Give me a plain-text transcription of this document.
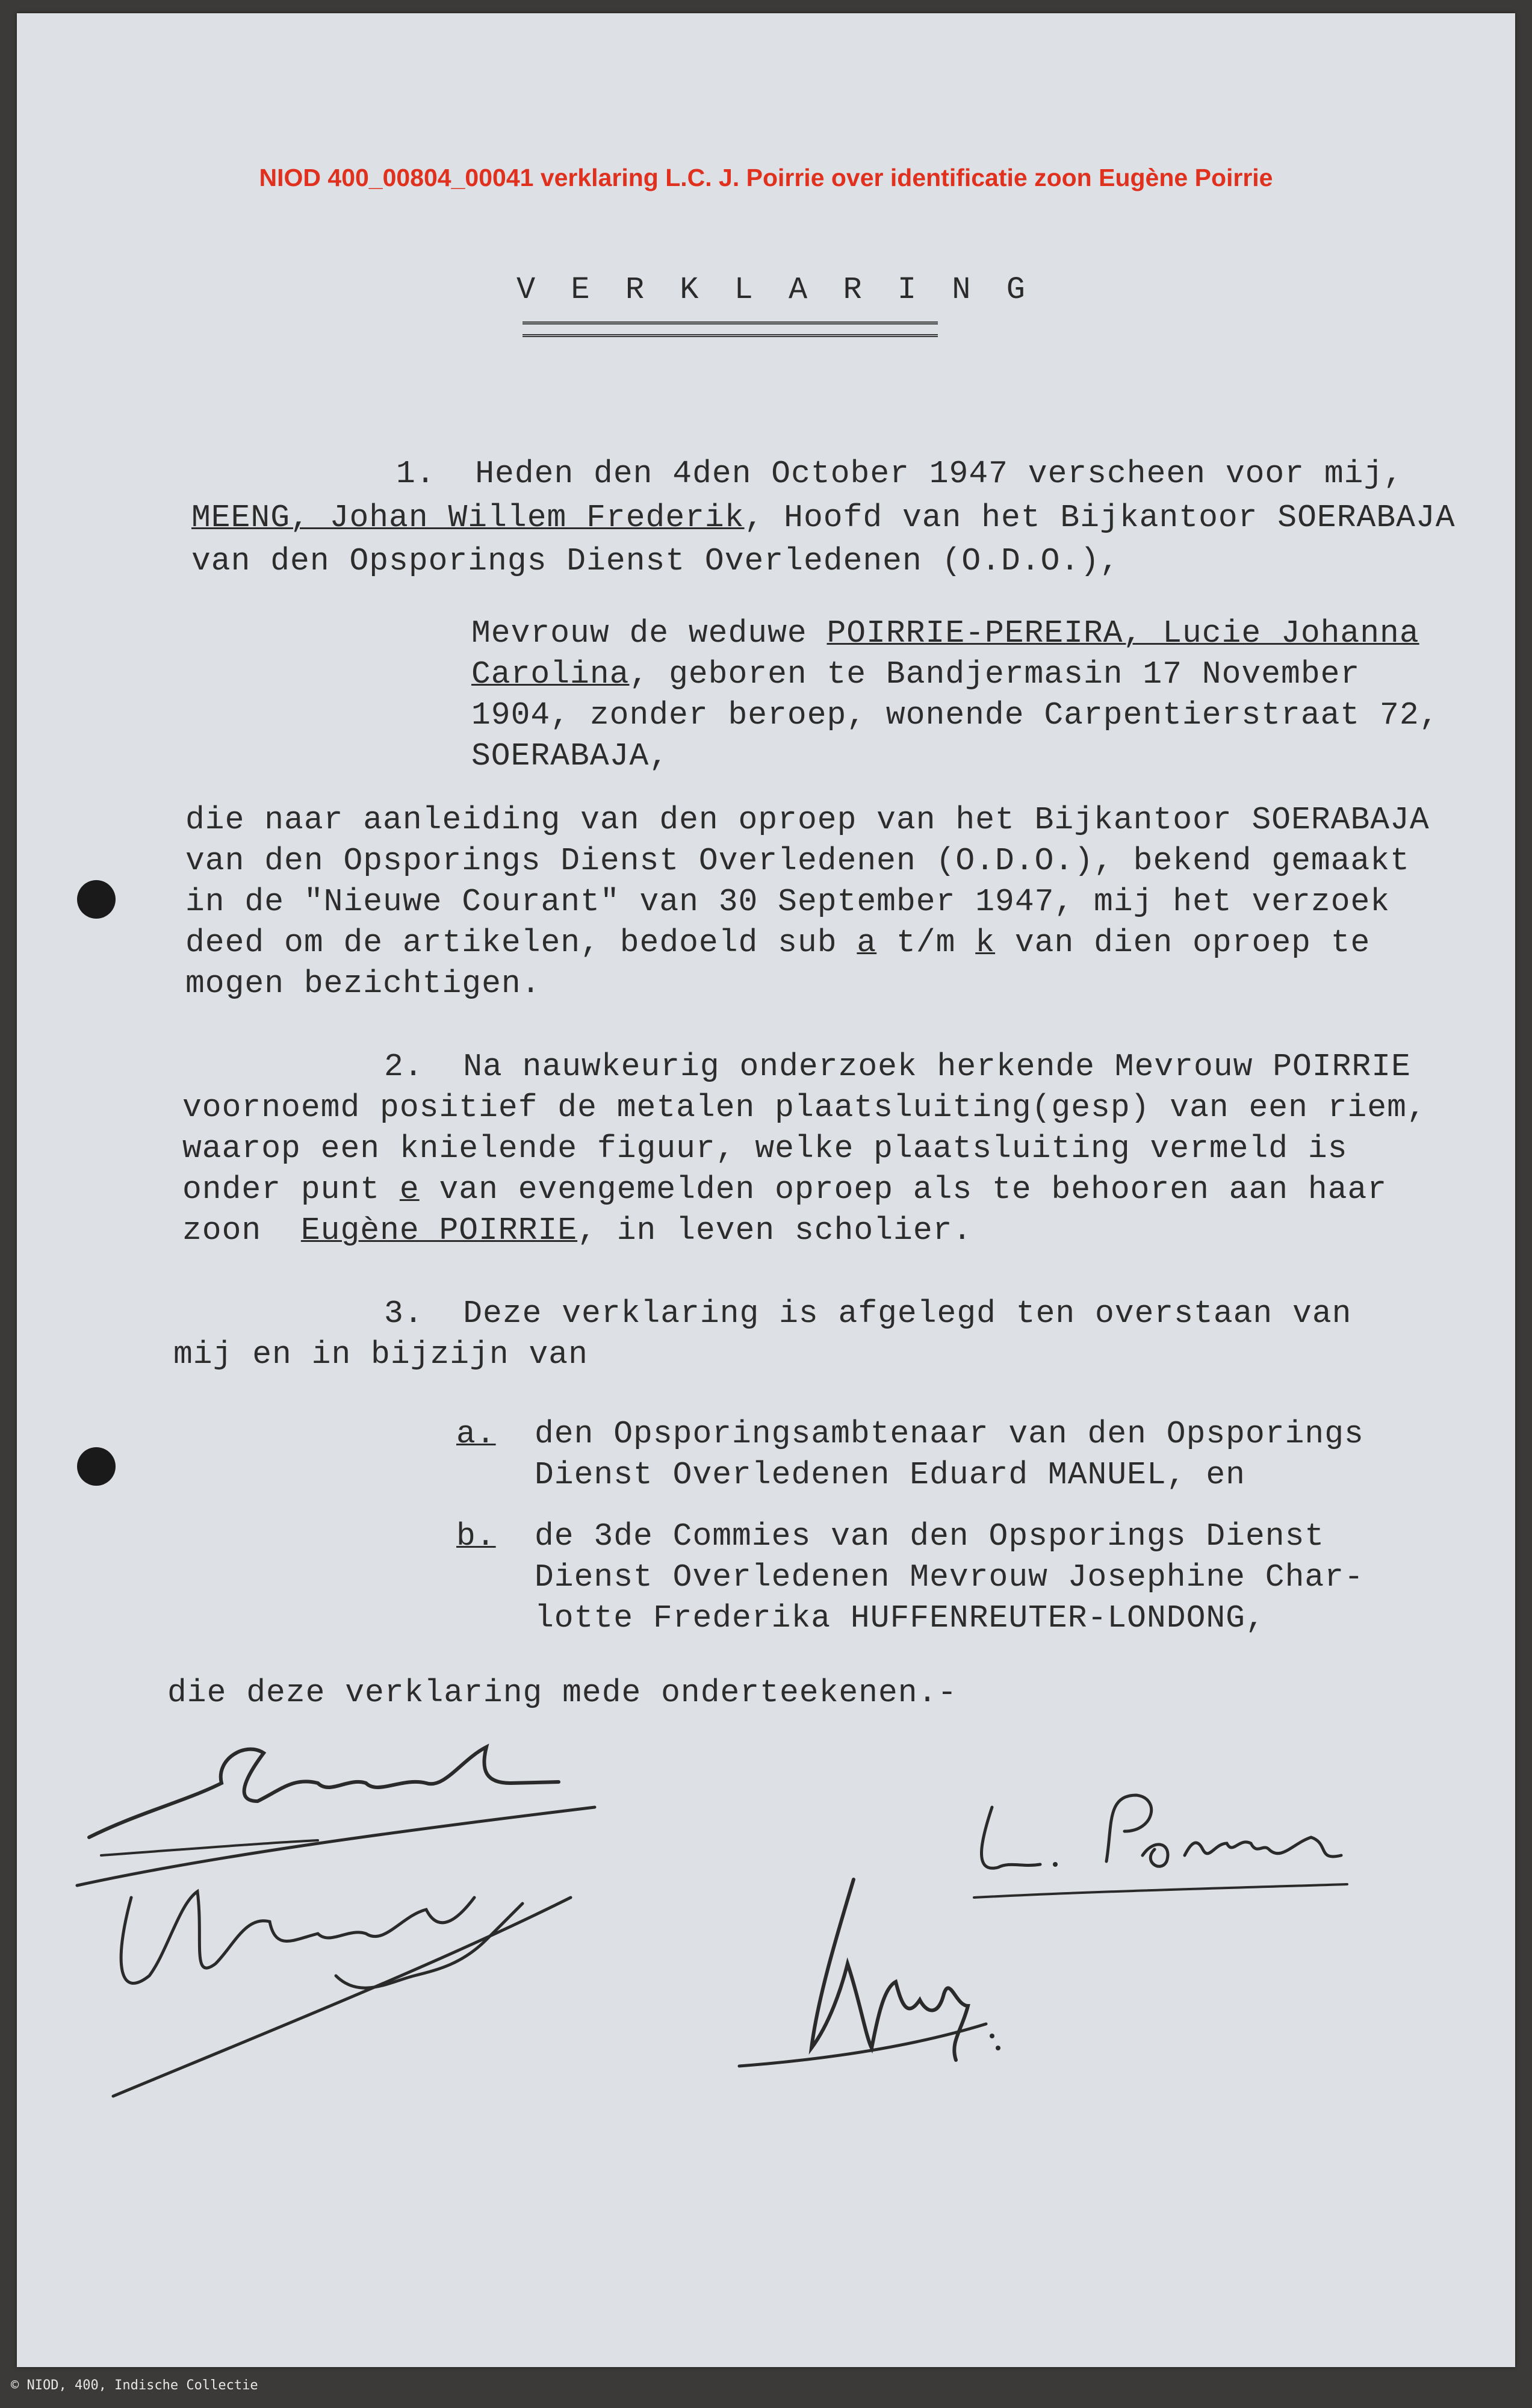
NIOD 400_00804_00041 verklaring L.C. J. Poirrie over identificatie zoon Eugène Poirrie
V E R K L A R I N G
1.  Heden den 4den October 1947 verscheen voor mij,
MEENG, Johan Willem Frederik, Hoofd van het Bijkantoor SOERABAJA
van den Opsporings Dienst Overledenen (O.D.O.),
Mevrouw de weduwe POIRRIE-PEREIRA, Lucie Johanna
Carolina, geboren te Bandjermasin 17 November
1904, zonder beroep, wonende Carpentierstraat 72,
SOERABAJA,
die naar aanleiding van den oproep van het Bijkantoor SOERABAJA
van den Opsporings Dienst Overledenen (O.D.O.), bekend gemaakt
in de "Nieuwe Courant" van 30 September 1947, mij het verzoek
deed om de artikelen, bedoeld sub a t/m k van dien oproep te
mogen bezichtigen.
2.  Na nauwkeurig onderzoek herkende Mevrouw POIRRIE
voornoemd positief de metalen plaatsluiting(gesp) van een riem,
waarop een knielende figuur, welke plaatsluiting vermeld is
onder punt e van evengemelden oproep als te behooren aan haar
zoon  Eugène POIRRIE, in leven scholier.
3.  Deze verklaring is afgelegd ten overstaan van
mij en in bijzijn van
a. den Opsporingsambtenaar van den Opsporings
Dienst Overledenen Eduard MANUEL, en
b. de 3de Commies van den Opsporings Dienst
Dienst Overledenen Mevrouw Josephine Char-
lotte Frederika HUFFENREUTER-LONDONG,
die deze verklaring mede onderteekenen.-
© NIOD, 400, Indische Collectie
